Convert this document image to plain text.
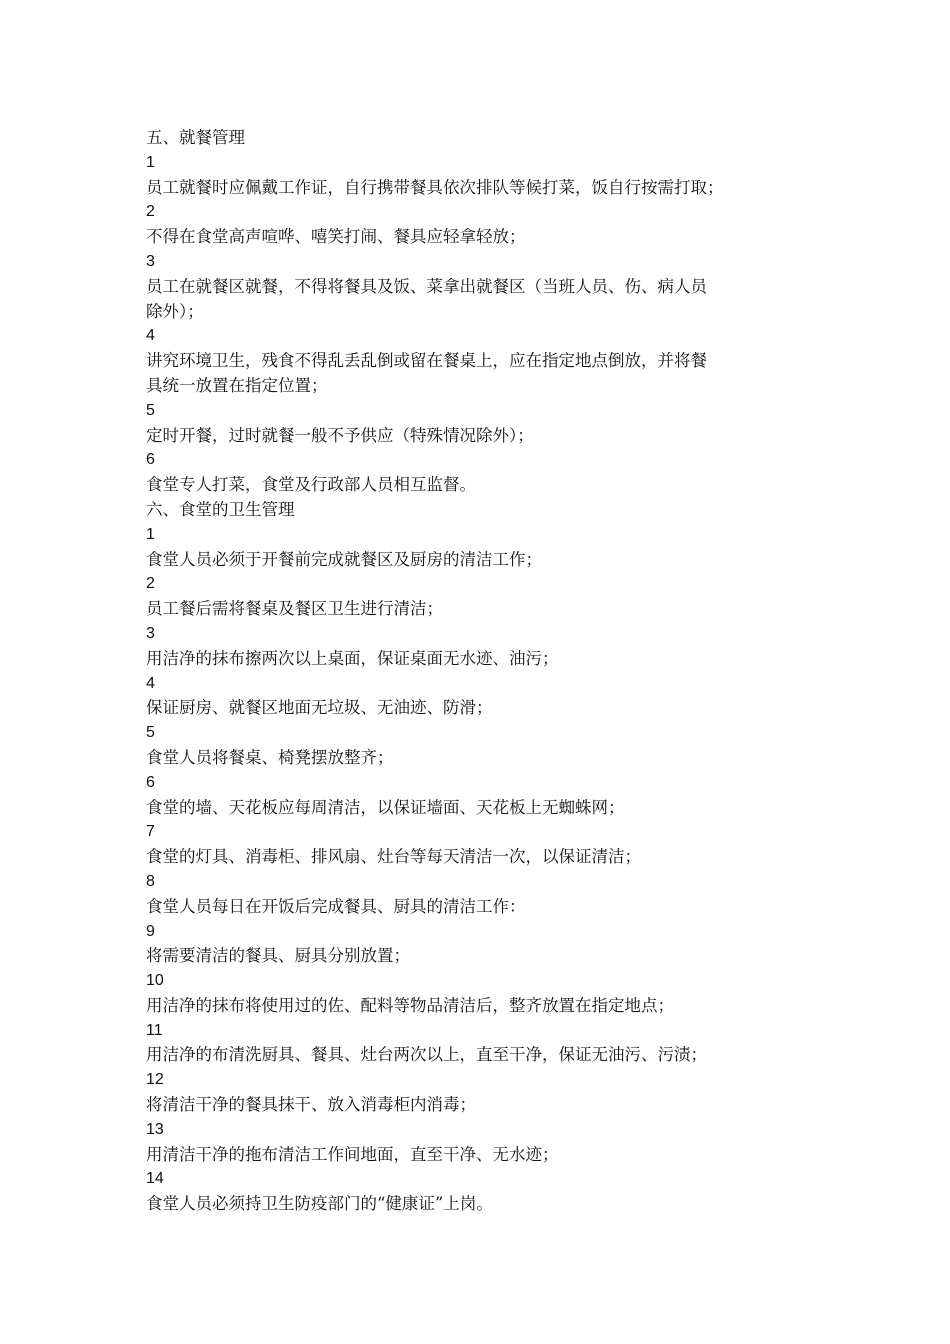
五、就餐管理
1
员工就餐时应佩戴工作证，自行携带餐具依次排队等候打菜，饭自行按需打取；
2
不得在食堂高声喧哗、嘻笑打闹、餐具应轻拿轻放；
3
员工在就餐区就餐，不得将餐具及饭、菜拿出就餐区（当班人员、伤、病人员
除外）；
4
讲究环境卫生，残食不得乱丢乱倒或留在餐桌上，应在指定地点倒放，并将餐
具统一放置在指定位置；
5
定时开餐，过时就餐一般不予供应（特殊情况除外）；
6
食堂专人打菜，食堂及行政部人员相互监督。
六、食堂的卫生管理
1
食堂人员必须于开餐前完成就餐区及厨房的清洁工作；
2
员工餐后需将餐桌及餐区卫生进行清洁；
3
用洁净的抹布擦两次以上桌面，保证桌面无水迹、油污；
4
保证厨房、就餐区地面无垃圾、无油迹、防滑；
5
食堂人员将餐桌、椅凳摆放整齐；
6
食堂的墙、天花板应每周清洁，以保证墙面、天花板上无蜘蛛网；
7
食堂的灯具、消毒柜、排风扇、灶台等每天清洁一次，以保证清洁；
8
食堂人员每日在开饭后完成餐具、厨具的清洁工作：
9
将需要清洁的餐具、厨具分别放置；
10
用洁净的抹布将使用过的佐、配料等物品清洁后，整齐放置在指定地点；
11
用洁净的布清洗厨具、餐具、灶台两次以上，直至干净，保证无油污、污渍；
12
将清洁干净的餐具抹干、放入消毒柜内消毒；
13
用清洁干净的拖布清洁工作间地面，直至干净、无水迹；
14
食堂人员必须持卫生防疫部门的“健康证”上岗。
